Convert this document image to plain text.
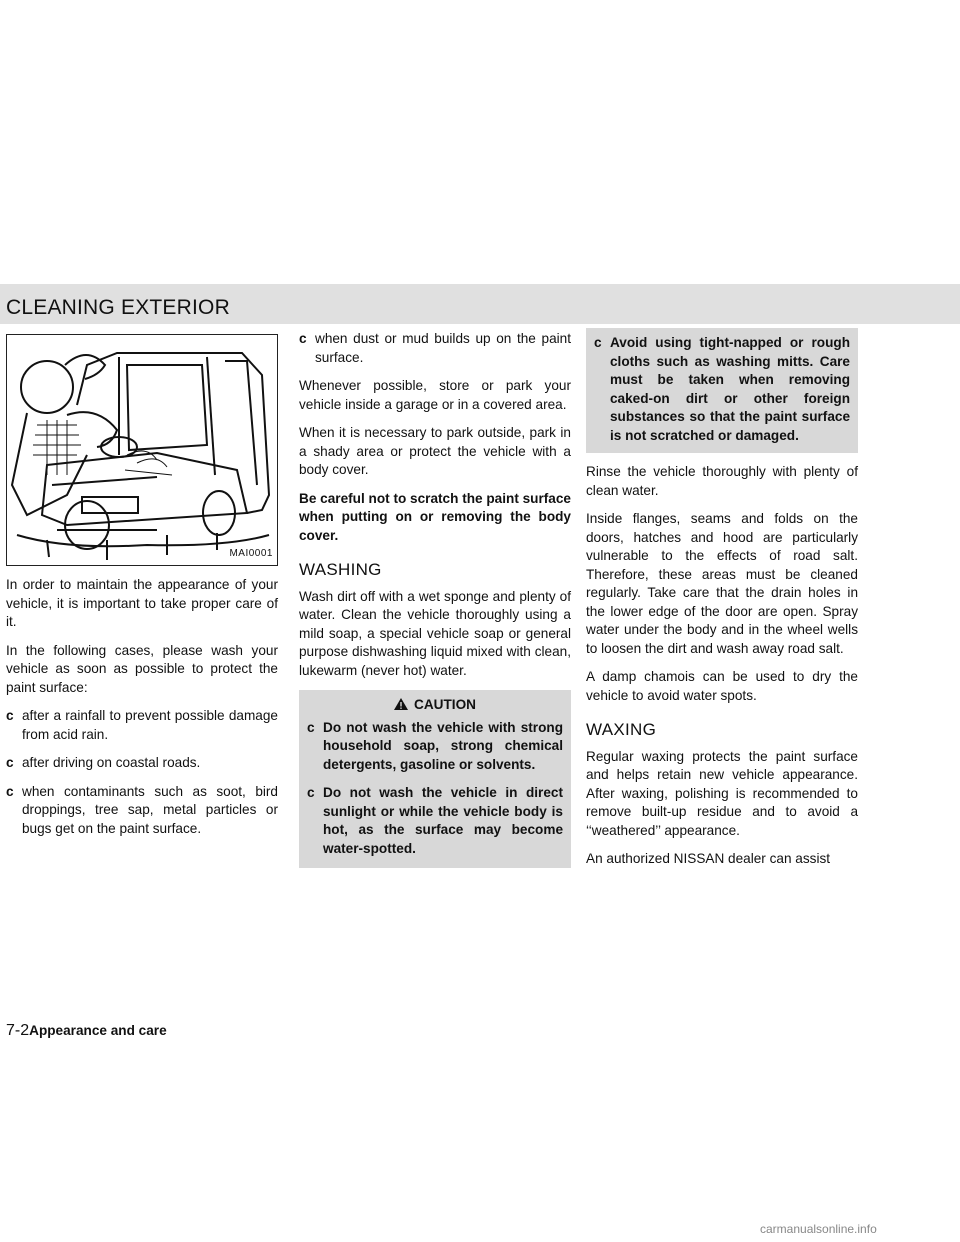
CLEANING EXTERIOR
MAI0001

In order to maintain the appearance of your vehicle, it is important to take proper care of it.

In the following cases, please wash your vehicle as soon as possible to protect the paint surface:

c after a rainfall to prevent possible damage from acid rain.
c after driving on coastal roads.
c when contaminants such as soot, bird droppings, tree sap, metal particles or bugs get on the paint surface.
c when dust or mud builds up on the paint surface.

Whenever possible, store or park your vehicle inside a garage or in a covered area.

When it is necessary to park outside, park in a shady area or protect the vehicle with a body cover.

Be careful not to scratch the paint surface when putting on or removing the body cover.

WASHING

Wash dirt off with a wet sponge and plenty of water. Clean the vehicle thoroughly using a mild soap, a special vehicle soap or general purpose dishwashing liquid mixed with clean, lukewarm (never hot) water.

CAUTION
c Do not wash the vehicle with strong household soap, strong chemical detergents, gasoline or solvents.
c Do not wash the vehicle in direct sunlight or while the vehicle body is hot, as the surface may become water-spotted.
c Avoid using tight-napped or rough cloths such as washing mitts. Care must be taken when removing caked-on dirt or other foreign substances so that the paint surface is not scratched or damaged.

Rinse the vehicle thoroughly with plenty of clean water.

Inside flanges, seams and folds on the doors, hatches and hood are particularly vulnerable to the effects of road salt. Therefore, these areas must be cleaned regularly. Take care that the drain holes in the lower edge of the door are open. Spray water under the body and in the wheel wells to loosen the dirt and wash away road salt.

A damp chamois can be used to dry the vehicle to avoid water spots.

WAXING

Regular waxing protects the paint surface and helps retain new vehicle appearance. After waxing, polishing is recommended to remove built-up residue and to avoid a ‘‘weathered’’ appearance.

An authorized NISSAN dealer can assist

7-2Appearance and care
carmanualsonline.info
